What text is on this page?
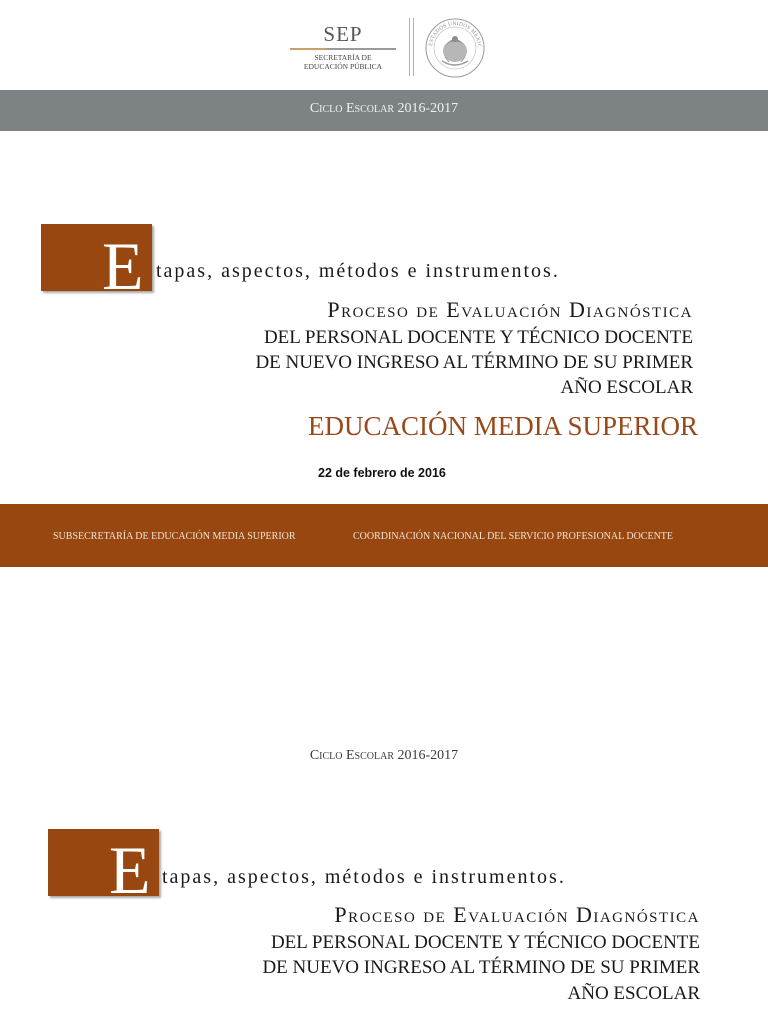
SEP
SECRETARÍA DE
EDUCACIÓN PÚBLICA
ESTADOS UNIDOS MEXIC
Ciclo Escolar 2016-2017
E tapas, aspectos, métodos e instrumentos.
Proceso de Evaluación Diagnóstica
DEL PERSONAL DOCENTE Y TÉCNICO DOCENTE
DE NUEVO INGRESO AL TÉRMINO DE SU PRIMER
AÑO ESCOLAR
EDUCACIÓN MEDIA SUPERIOR
22 de febrero de 2016
SUBSECRETARÍA DE EDUCACIÓN MEDIA SUPERIOR	COORDINACIÓN NACIONAL DEL SERVICIO PROFESIONAL DOCENTE
Ciclo Escolar 2016-2017
E tapas, aspectos, métodos e instrumentos.
Proceso de Evaluación Diagnóstica
DEL PERSONAL DOCENTE Y TÉCNICO DOCENTE
DE NUEVO INGRESO AL TÉRMINO DE SU PRIMER
AÑO ESCOLAR
